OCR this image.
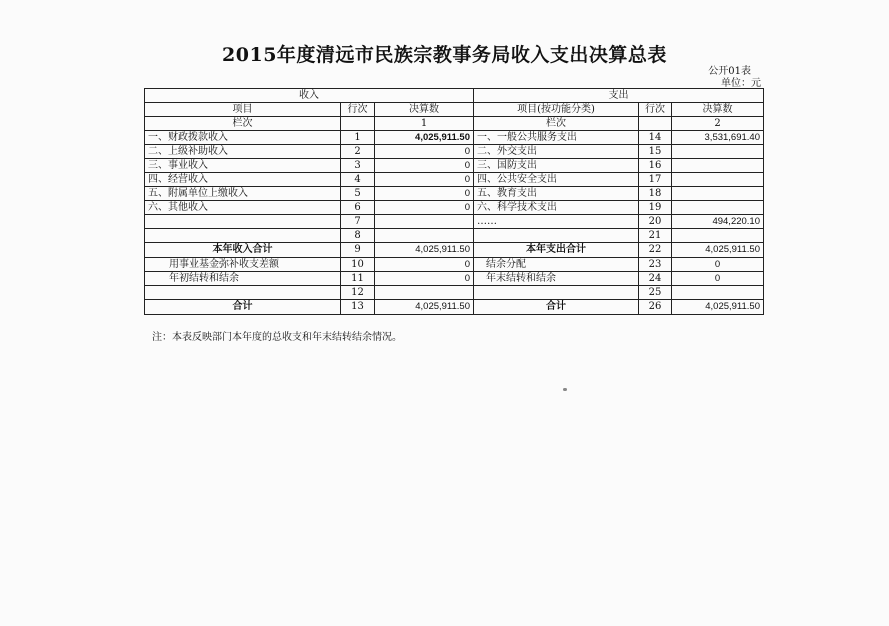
2015年度清远市民族宗教事务局收入支出决算总表
公开01表
单位：元
收入			支出		
项目	行次	决算数	项目(按功能分类)	行次	决算数
栏次		1	栏次		2
一、财政拨款收入	1	4,025,911.50	一、一般公共服务支出	14	3,531,691.40
二、上级补助收入	2	0	二、外交支出	15	
三、事业收入	3	0	三、国防支出	16	
四、经营收入	4	0	四、公共安全支出	17	
五、附属单位上缴收入	5	0	五、教育支出	18	
六、其他收入	6	0	六、科学技术支出	19	
	7		……	20	494,220.10
	8			21	
本年收入合计	9	4,025,911.50	本年支出合计	22	4,025,911.50
用事业基金弥补收支差额	10	0	结余分配	23	0
年初结转和结余	11	0	年末结转和结余	24	0
	12			25	
合计	13	4,025,911.50	合计	26	4,025,911.50
注：本表反映部门本年度的总收支和年末结转结余情况。
